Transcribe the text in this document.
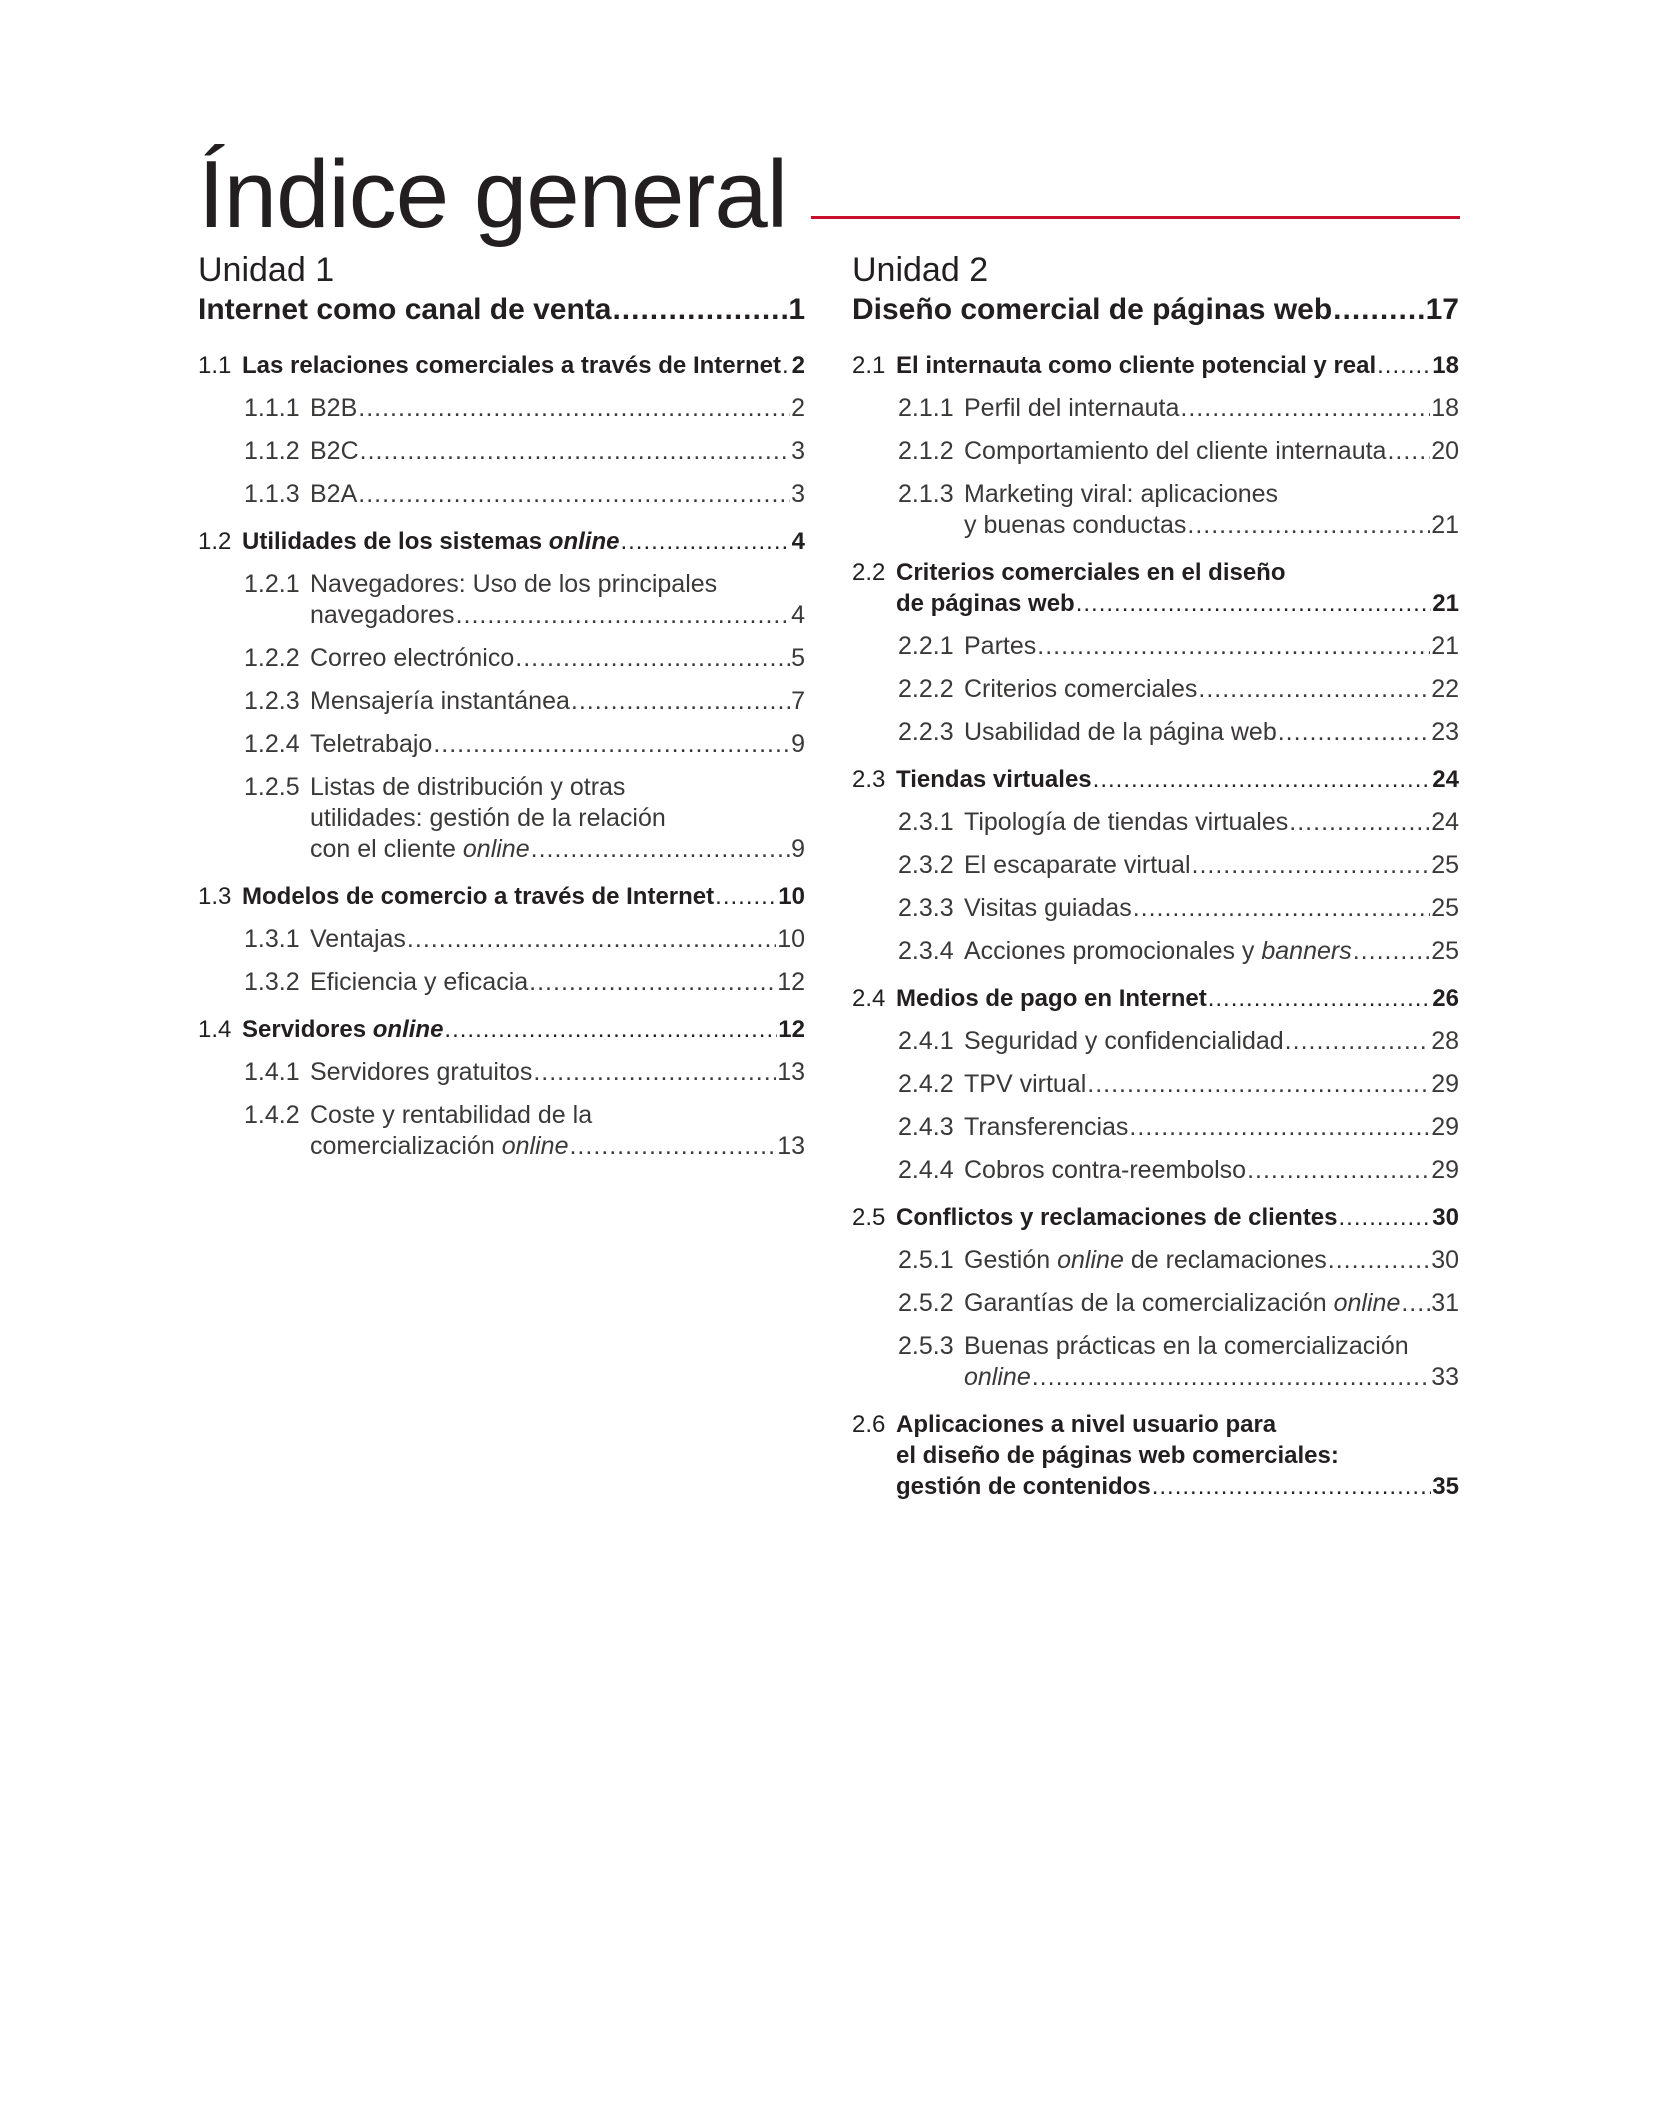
Índice general
Unidad 1
Internet como canal de venta .....	1
1.1 Las relaciones comerciales a través de Internet ..... 2
1.1.1 B2B .....	2
1.1.2 B2C .....	3
1.1.3 B2A .....	3
1.2 Utilidades de los sistemas online .....	4
1.2.1 Navegadores: Uso de los principales
navegadores .....	4
1.2.2 Correo electrónico .....	5
1.2.3 Mensajería instantánea .....	7
1.2.4 Teletrabajo .....	9
1.2.5 Listas de distribución y otras
utilidades: gestión de la relación
con el cliente online .....	9
1.3 Modelos de comercio a través de Internet .....	10
1.3.1 Ventajas .....	10
1.3.2 Eficiencia y eficacia .....	12
1.4 Servidores online .....	12
1.4.1 Servidores gratuitos .....	13
1.4.2 Coste y rentabilidad de la
comercialización online .....	13
Unidad 2
Diseño comercial de páginas web .....	17
2.1 El internauta como cliente potencial y real ..... 18
2.1.1 Perfil del internauta .....	18
2.1.2 Comportamiento del cliente internauta ..... 20
2.1.3 Marketing viral: aplicaciones
y buenas conductas .....	21
2.2 Criterios comerciales en el diseño
de páginas web .....	21
2.2.1 Partes .....	21
2.2.2 Criterios comerciales .....	22
2.2.3 Usabilidad de la página web .....	23
2.3 Tiendas virtuales .....	24
2.3.1 Tipología de tiendas virtuales .....	24
2.3.2 El escaparate virtual .....	25
2.3.3 Visitas guiadas .....	25
2.3.4 Acciones promocionales y banners .....	25
2.4 Medios de pago en Internet .....	26
2.4.1 Seguridad y confidencialidad .....	28
2.4.2 TPV virtual .....	29
2.4.3 Transferencias .....	29
2.4.4 Cobros contra-reembolso .....	29
2.5 Conflictos y reclamaciones de clientes .....	30
2.5.1 Gestión online de reclamaciones .....	30
2.5.2 Garantías de la comercialización online ..... 31
2.5.3 Buenas prácticas en la comercialización
online .....	33
2.6 Aplicaciones a nivel usuario para
el diseño de páginas web comerciales:
gestión de contenidos .....	35
